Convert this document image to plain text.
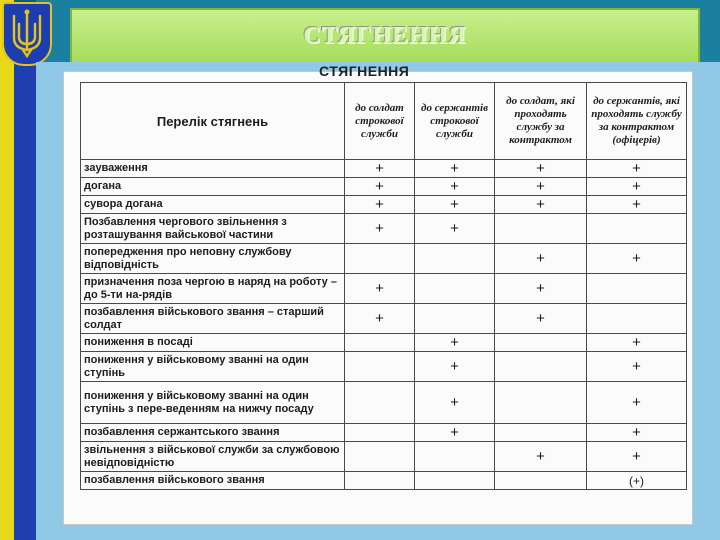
СТЯГНЕННЯ
СТЯГНЕННЯ
Перелік стягнень	до солдат строкової служби	до сержантів строкової служби	до солдат, які проходять службу за контрактом	до сержантів, які проходять службу за контрактом (офіцерів)
зауваження	+	+	+	+
догана	+	+	+	+
сувора догана	+	+	+	+
Позбавлення чергового звільнення з розташування вайськової частини	+	+		
попередження про неповну службову відповідність			+	+
призначення поза чергою в наряд на роботу – до 5-ти на-рядів	+		+	
позбавлення військового звання – старший солдат	+		+	
пониження в посаді		+		+
пониження у військовому званні на один ступінь		+		+
пониження у військовому званні на один ступінь з пере-веденням на нижчу посаду		+		+
позбавлення сержантського звання		+		+
звільнення з військової служби за службовою невідповідністю			+	+
позбавлення військового звання				(+)
